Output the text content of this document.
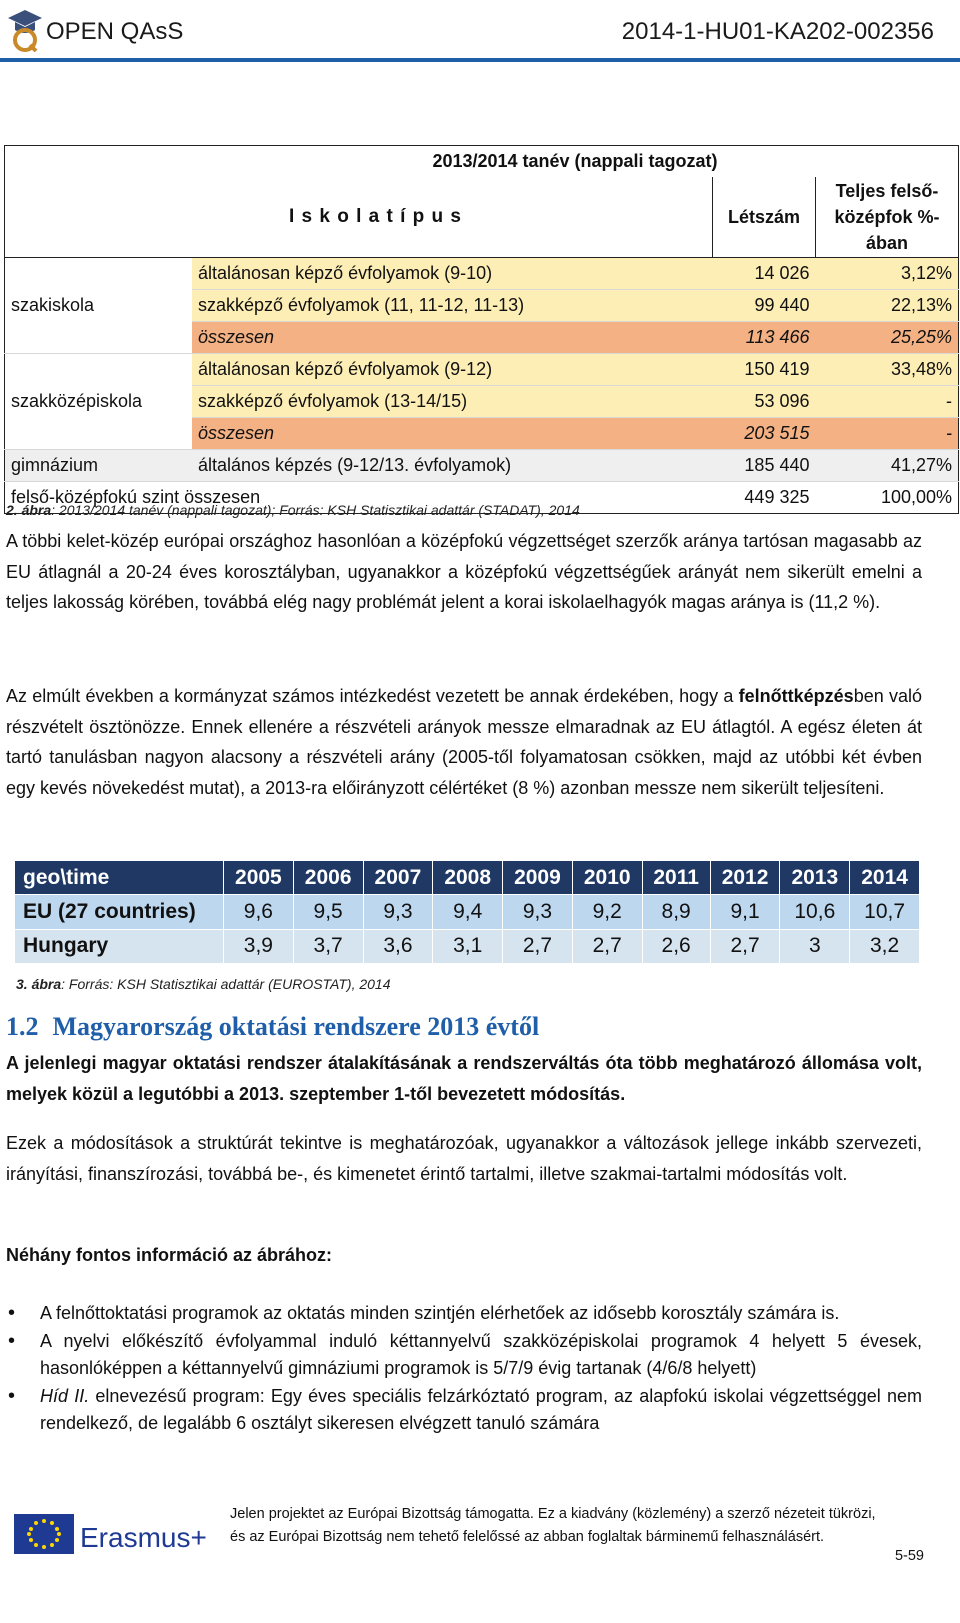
OPEN QAsS	2014-1-HU01-KA202-002356
	2013/2014 tanév (nappali tagozat)		
	I s k o l a t í p u s	Létszám	Teljes felső-középfok %-ában
szakiskola	általánosan képző évfolyamok (9-10)	14 026	3,12%
	szakképző évfolyamok (11, 11-12, 11-13)	99 440	22,13%
	összesen	113 466	25,25%
szakközépiskola	általánosan képző évfolyamok (9-12)	150 419	33,48%
	szakképző évfolyamok (13-14/15)	53 096	-
	összesen	203 515	-
gimnázium	általános képzés (9-12/13. évfolyamok)	185 440	41,27%
felső-középfokú szint összesen		449 325	100,00%
2. ábra: 2013/2014 tanév (nappali tagozat); Forrás: KSH Statisztikai adattár (STADAT), 2014

A többi kelet-közép európai országhoz hasonlóan a középfokú végzettséget szerzők aránya tartósan magasabb az EU átlagnál a 20-24 éves korosztályban, ugyanakkor a középfokú végzettségűek arányát nem sikerült emelni a teljes lakosság körében, továbbá elég nagy problémát jelent a korai iskolaelhagyók magas aránya is (11,2 %).

Az elmúlt években a kormányzat számos intézkedést vezetett be annak érdekében, hogy a felnőttképzésben való részvételt ösztönözze. Ennek ellenére a részvételi arányok messze elmaradnak az EU átlagtól. A egész életen át tartó tanulásban nagyon alacsony a részvételi arány (2005-től folyamatosan csökken, majd az utóbbi két évben egy kevés növekedést mutat), a 2013-ra előirányzott célértéket (8 %) azonban messze nem sikerült teljesíteni.

geo\time	2005	2006	2007	2008	2009	2010	2011	2012	2013	2014
EU (27 countries)	9,6	9,5	9,3	9,4	9,3	9,2	8,9	9,1	10,6	10,7
Hungary	3,9	3,7	3,6	3,1	2,7	2,7	2,6	2,7	3	3,2
3. ábra: Forrás: KSH Statisztikai adattár (EUROSTAT), 2014
1.2 Magyarország oktatási rendszere 2013 évtől

A jelenlegi magyar oktatási rendszer átalakításának a rendszerváltás óta több meghatározó állomása volt, melyek közül a legutóbbi a 2013. szeptember 1-től bevezetett módosítás.

Ezek a módosítások a struktúrát tekintve is meghatározóak, ugyanakkor a változások jellege inkább szervezeti, irányítási, finanszírozási, továbbá be-, és kimenetet érintő tartalmi, illetve szakmai-tartalmi módosítás volt.

Néhány fontos információ az ábrához:

• A felnőttoktatási programok az oktatás minden szintjén elérhetőek az idősebb korosztály számára is.
• A nyelvi előkészítő évfolyammal induló kéttannyelvű szakközépiskolai programok 4 helyett 5 évesek, hasonlóképpen a kéttannyelvű gimnáziumi programok is 5/7/9 évig tartanak (4/6/8 helyett)
• Híd II. elnevezésű program: Egy éves speciális felzárkóztató program, az alapfokú iskolai végzettséggel nem rendelkező, de legalább 6 osztályt sikeresen elvégzett tanuló számára
Erasmus+
Jelen projektet az Európai Bizottság támogatta. Ez a kiadvány (közlemény) a szerző nézeteit tükrözi, és az Európai Bizottság nem tehető felelőssé az abban foglaltak bárminemű felhasználásért.
5-59
